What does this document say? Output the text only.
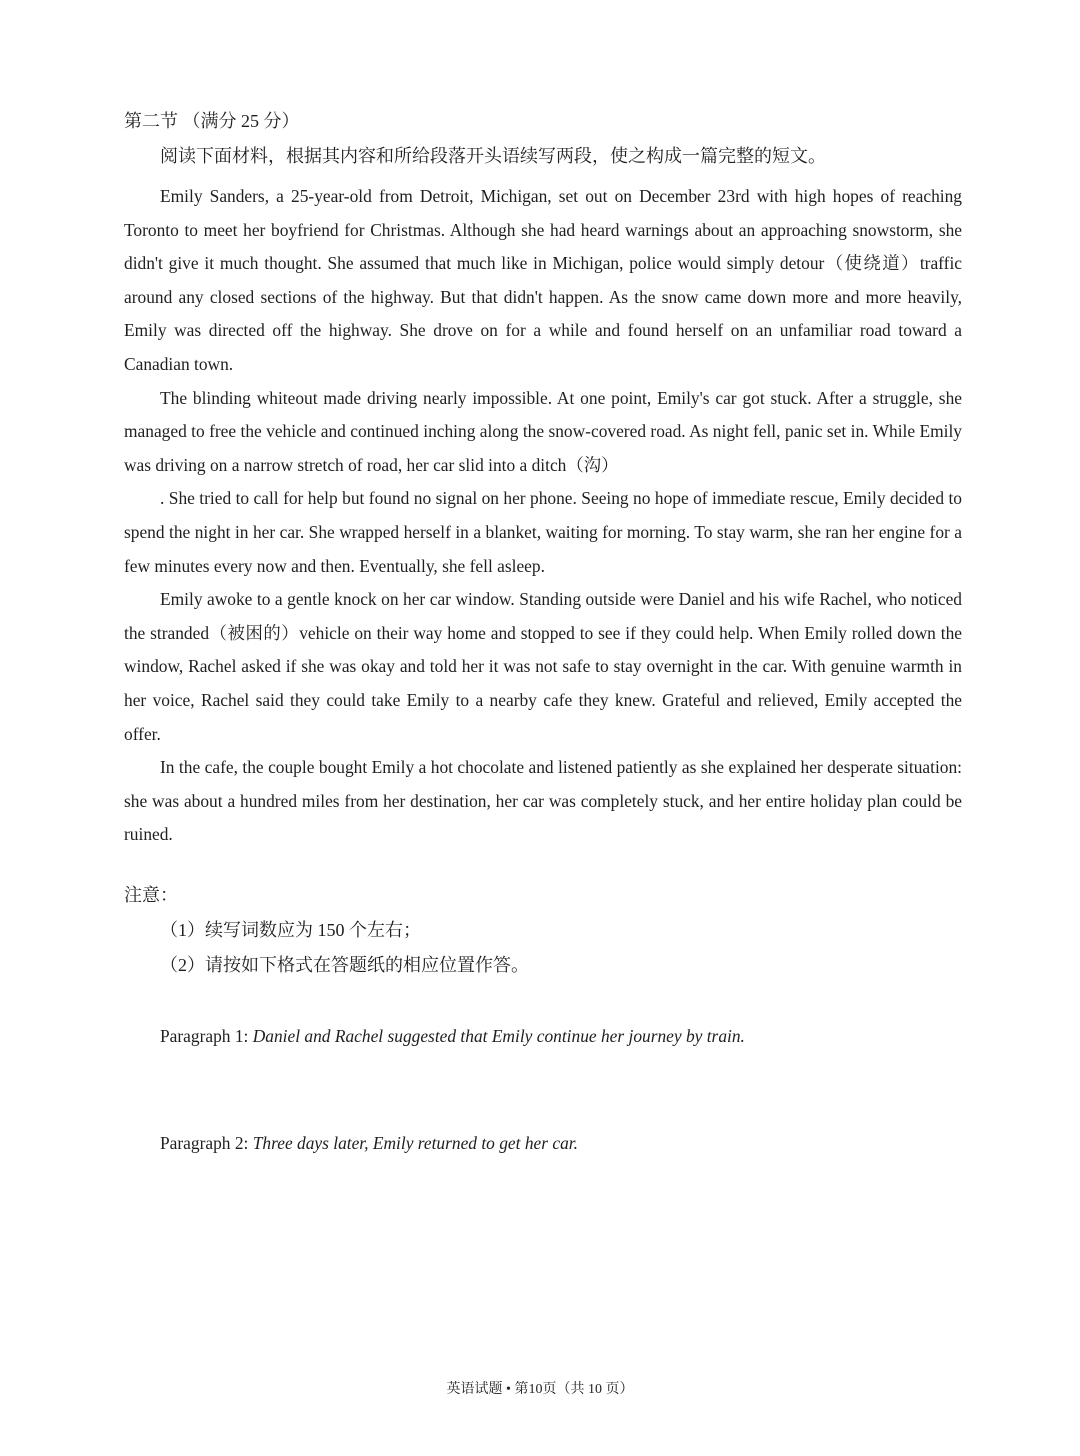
第二节 （满分 25 分）
阅读下面材料，根据其内容和所给段落开头语续写两段，使之构成一篇完整的短文。

Emily Sanders, a 25-year-old from Detroit, Michigan, set out on December 23rd with high hopes of reaching Toronto to meet her boyfriend for Christmas. Although she had heard warnings about an approaching snowstorm, she didn't give it much thought. She assumed that much like in Michigan, police would simply detour（使绕道）traffic around any closed sections of the highway. But that didn't happen. As the snow came down more and more heavily, Emily was directed off the highway. She drove on for a while and found herself on an unfamiliar road toward a Canadian town.

The blinding whiteout made driving nearly impossible. At one point, Emily's car got stuck. After a struggle, she managed to free the vehicle and continued inching along the snow-covered road. As night fell, panic set in. While Emily was driving on a narrow stretch of road, her car slid into a ditch（沟）

. She tried to call for help but found no signal on her phone. Seeing no hope of immediate rescue, Emily decided to spend the night in her car. She wrapped herself in a blanket, waiting for morning. To stay warm, she ran her engine for a few minutes every now and then. Eventually, she fell asleep.

Emily awoke to a gentle knock on her car window. Standing outside were Daniel and his wife Rachel, who noticed the stranded（被困的）vehicle on their way home and stopped to see if they could help. When Emily rolled down the window, Rachel asked if she was okay and told her it was not safe to stay overnight in the car. With genuine warmth in her voice, Rachel said they could take Emily to a nearby cafe they knew. Grateful and relieved, Emily accepted the offer.

In the cafe, the couple bought Emily a hot chocolate and listened patiently as she explained her desperate situation: she was about a hundred miles from her destination, her car was completely stuck, and her entire holiday plan could be ruined.

注意：
（1）续写词数应为 150 个左右；
（2）请按如下格式在答题纸的相应位置作答。
Paragraph 1: Daniel and Rachel suggested that Emily continue her journey by train.
Paragraph 2: Three days later, Emily returned to get her car.
英语试题 • 第10页（共 10 页）
